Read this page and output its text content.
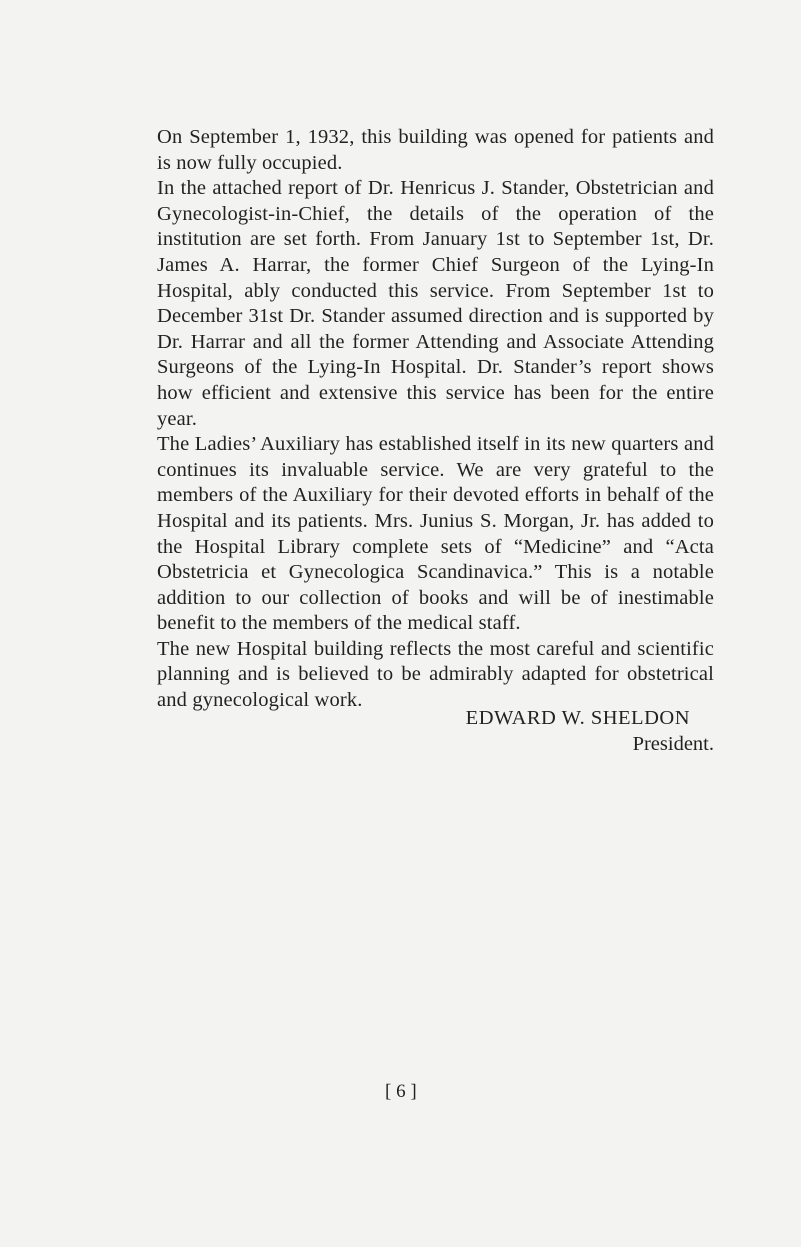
On September 1, 1932, this building was opened for patients and is now fully occupied.

In the attached report of Dr. Henricus J. Stander, Obstetrician and Gynecologist-in-Chief, the details of the operation of the institution are set forth. From January 1st to September 1st, Dr. James A. Harrar, the former Chief Surgeon of the Lying-In Hospital, ably conducted this service. From September 1st to December 31st Dr. Stander assumed direction and is supported by Dr. Harrar and all the former Attending and Associate Attending Surgeons of the Lying-In Hospital. Dr. Stander’s report shows how efficient and extensive this service has been for the entire year.

The Ladies’ Auxiliary has established itself in its new quarters and continues its invaluable service. We are very grateful to the members of the Auxiliary for their devoted efforts in behalf of the Hospital and its patients. Mrs. Junius S. Morgan, Jr. has added to the Hospital Library complete sets of “Medicine” and “Acta Obstetricia et Gynecologica Scandinavica.” This is a notable addition to our collection of books and will be of inestimable benefit to the members of the medical staff.

The new Hospital building reflects the most careful and scientific planning and is believed to be admirably adapted for obstetrical and gynecological work.

EDWARD W. SHELDON
President.
[ 6 ]
